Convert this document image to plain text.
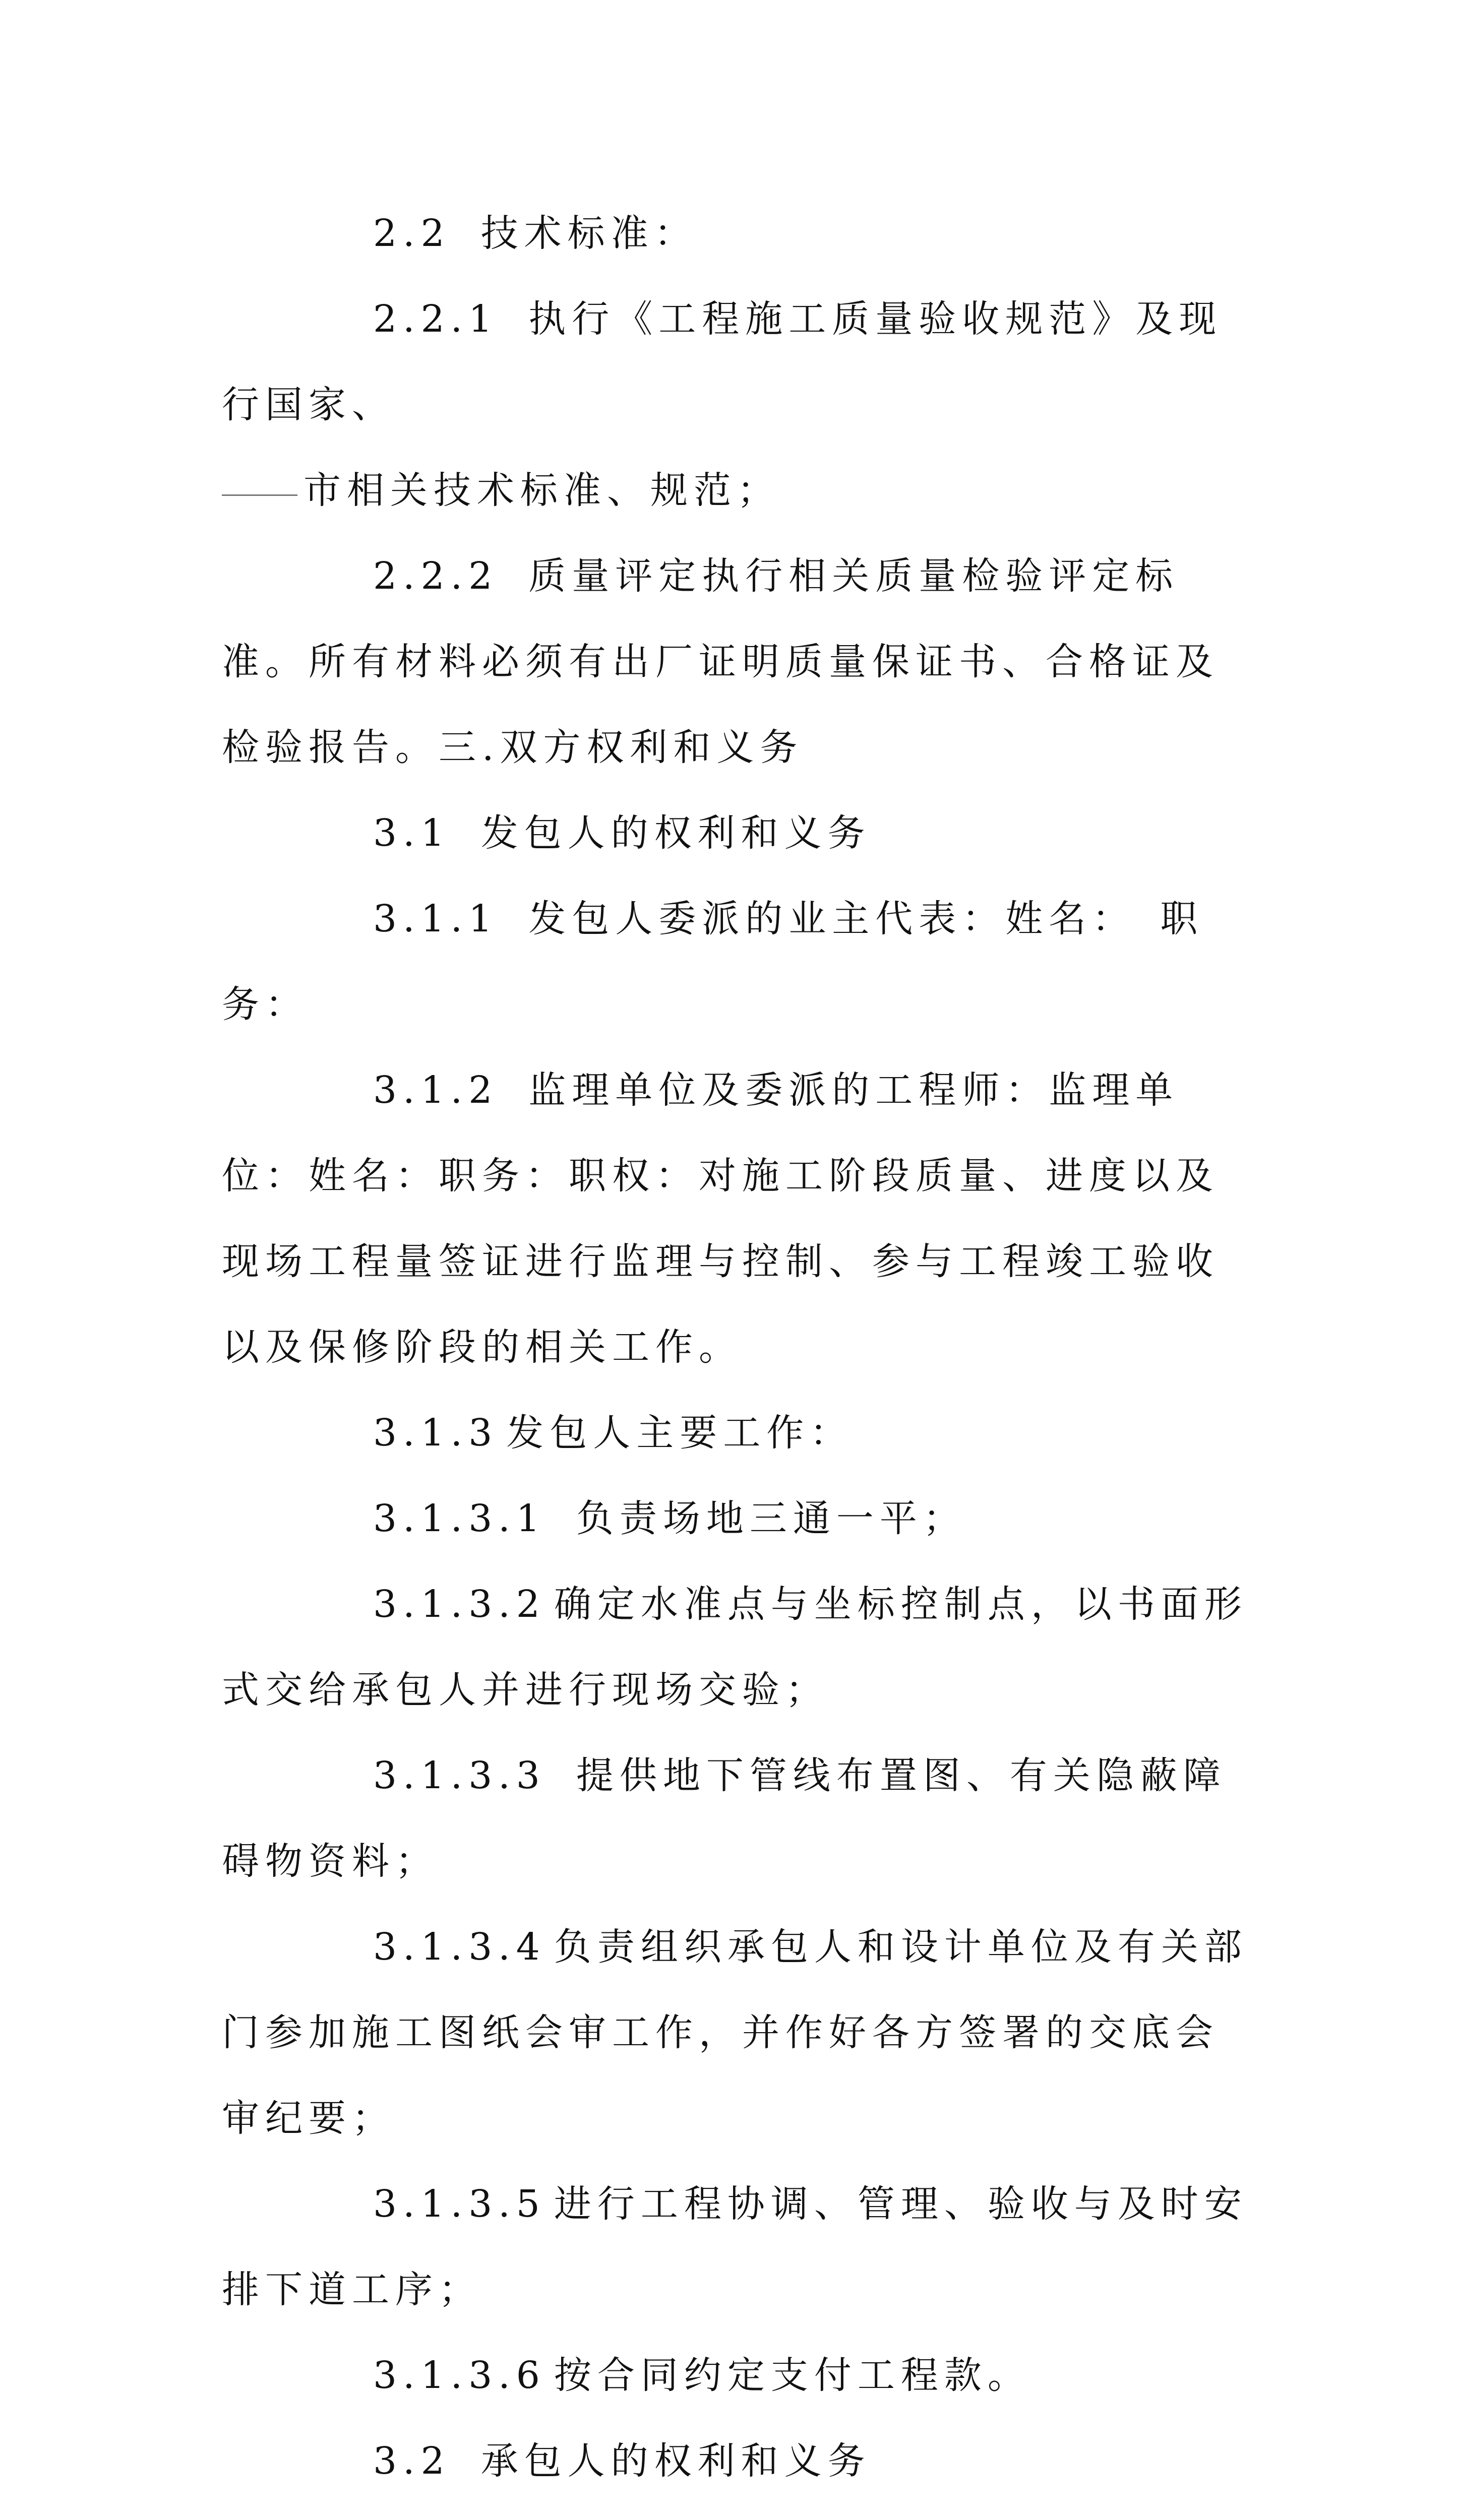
2.2 技术标准：

2.2.1 执行《工程施工质量验收规范》及现行国家、

市相关技术标准、规范；

2.2.2 质量评定执行相关质量检验评定标准。所有材料必须有出厂证明质量保证书、合格证及检验报告。三.双方权利和义务

3.1 发包人的权利和义务

3.1.1 发包人委派的业主代表：姓名：　职务：

3.1.2 监理单位及委派的工程师：监理单位：姓名：职务：职权：对施工阶段质量、进度以及现场工程量签证进行监理与控制、参与工程竣工验收以及保修阶段的相关工作。

3.1.3 发包人主要工作：

3.1.3.1 负责场地三通一平；

3.1.3.2 确定水准点与坐标控制点，以书面形式交给承包人并进行现场交验；

3.1.3.3 提供地下管线布置图、有关隐蔽障碍物资料；

3.1.3.4 负责组织承包人和设计单位及有关部门参加施工图纸会审工作，并作好各方签署的交底会审纪要；

3.1.3.5 进行工程协调、管理、验收与及时安排下道工序；

3.1.3.6 按合同约定支付工程款。

3.2 承包人的权利和义务
